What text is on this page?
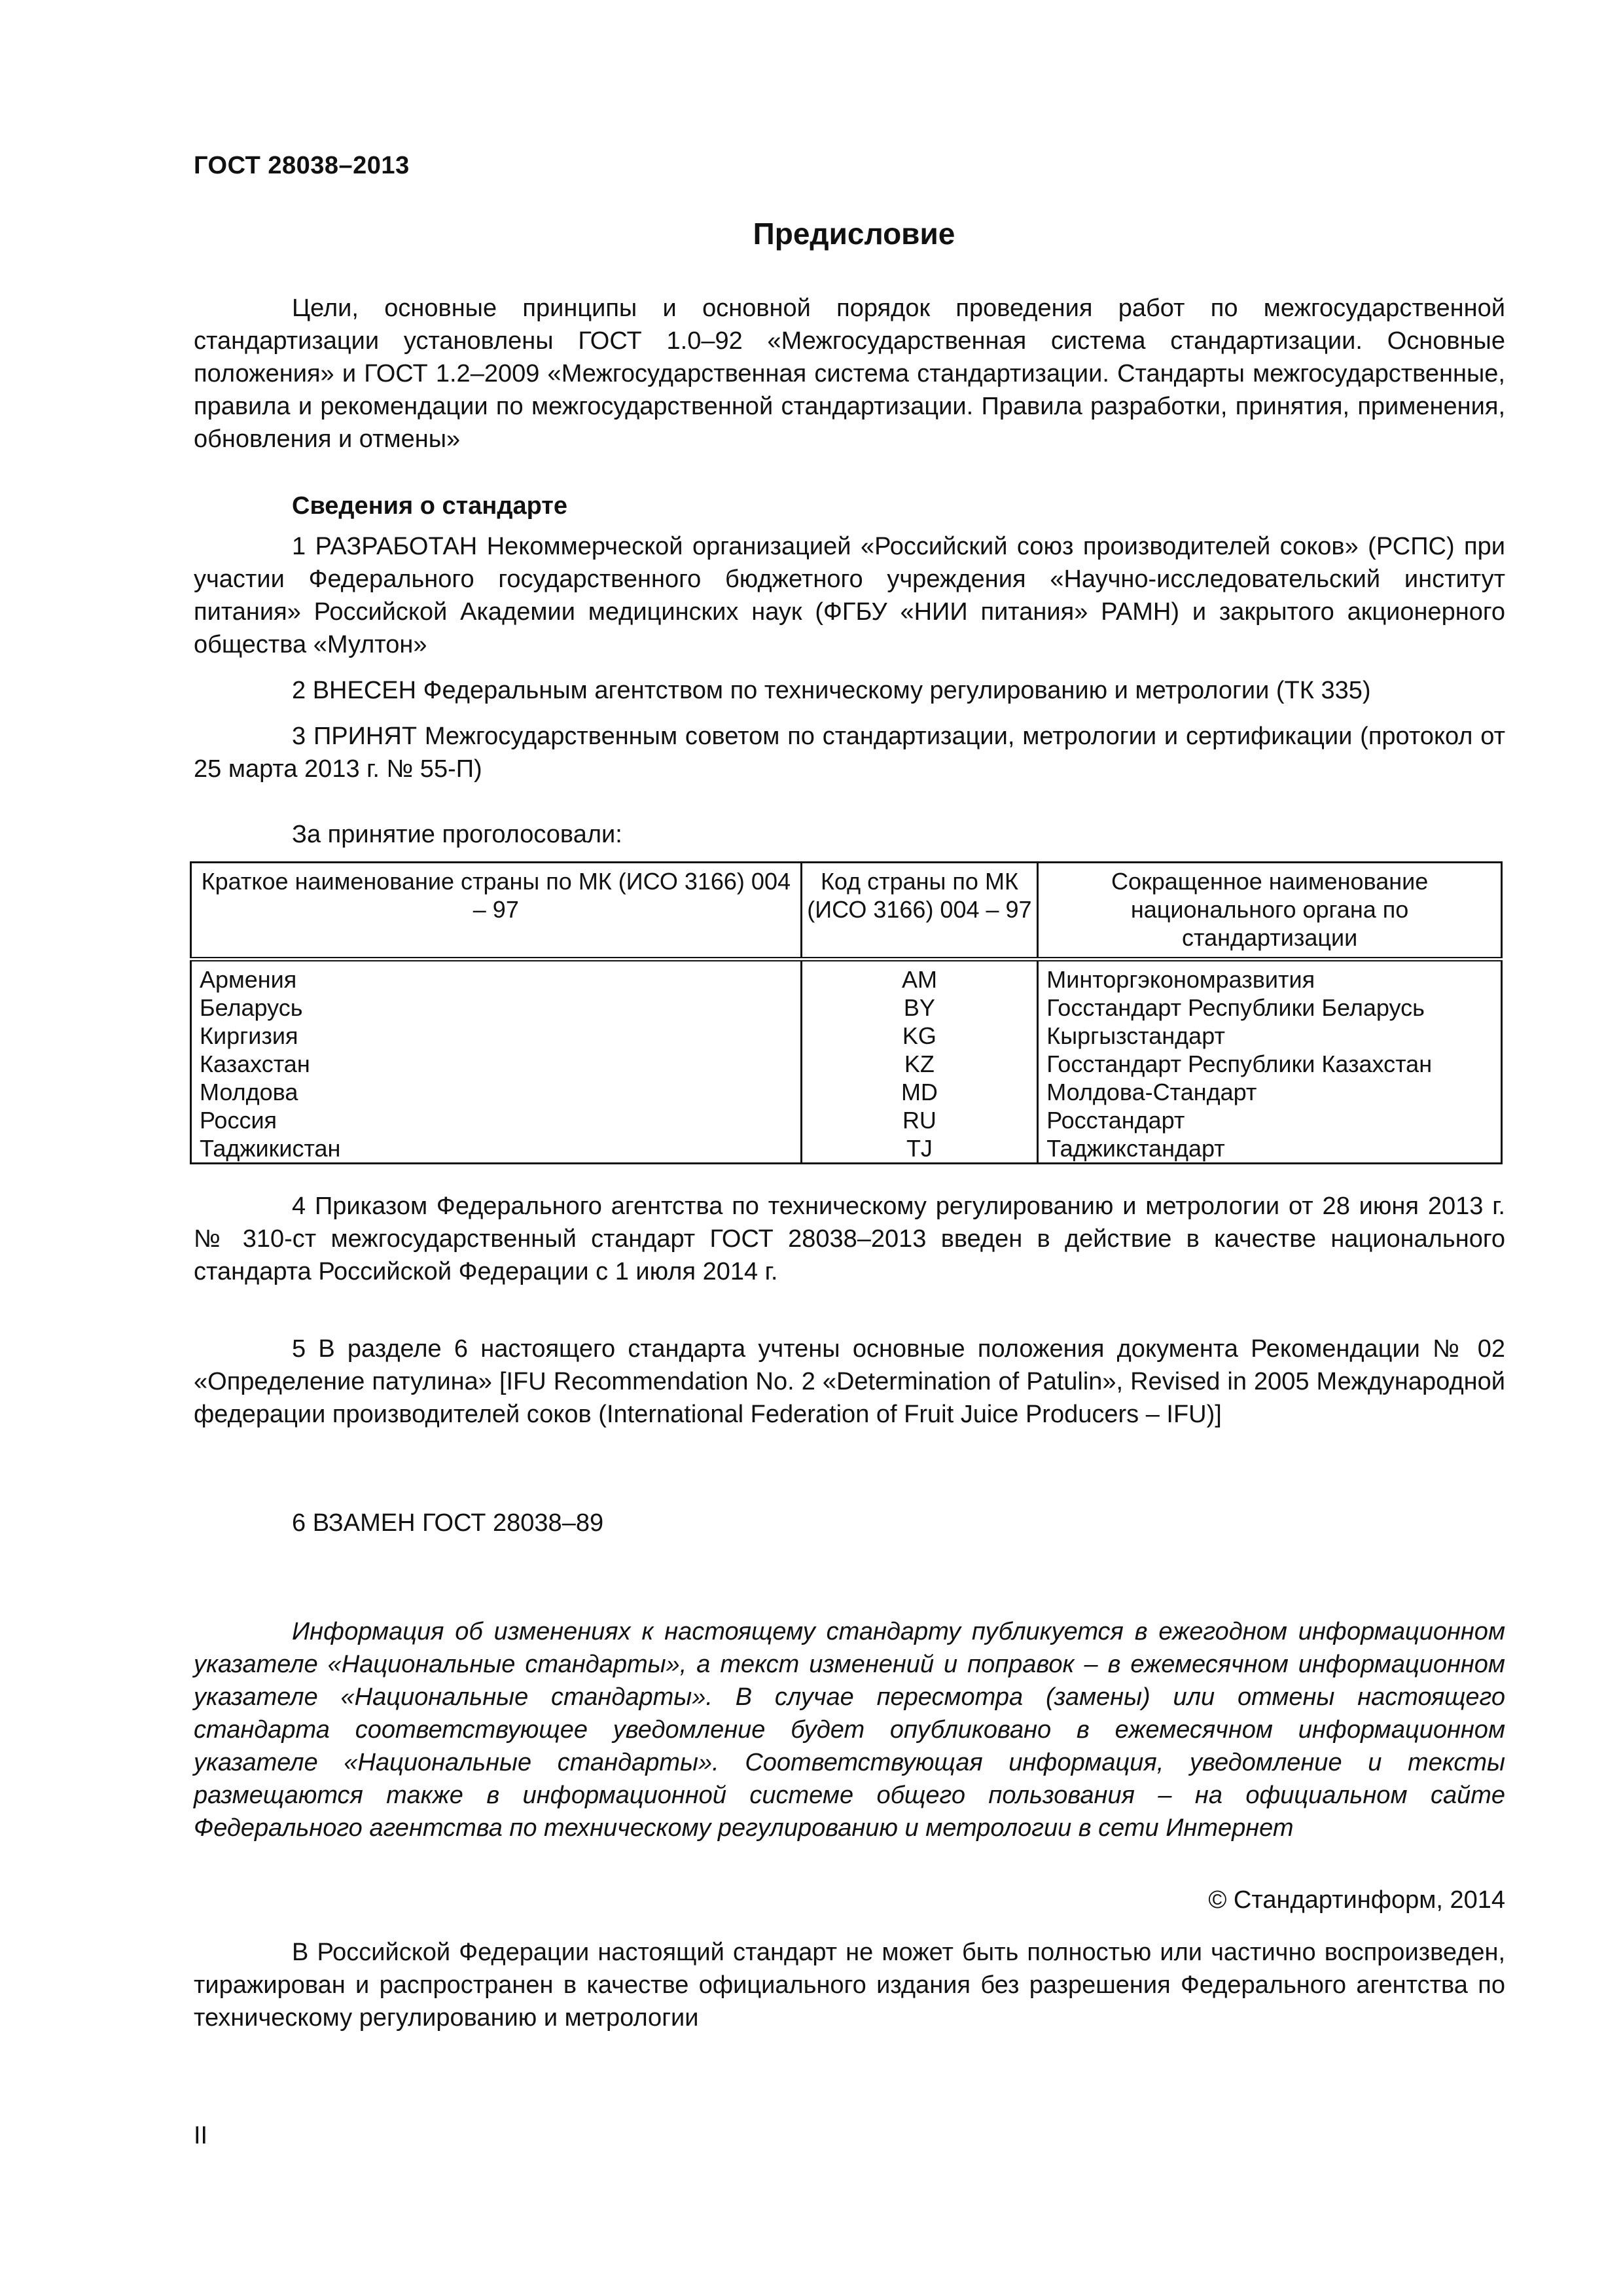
ГОСТ 28038–2013
Предисловие

Цели, основные принципы и основной порядок проведения работ по межгосударственной стандартизации установлены ГОСТ 1.0–92 «Межгосударственная система стандартизации. Основные положения» и ГОСТ 1.2–2009 «Межгосударственная система стандартизации. Стандарты межгосударственные, правила и рекомендации по межгосударственной стандартизации. Правила разработки, принятия, применения, обновления и отмены»

Сведения о стандарте

1 РАЗРАБОТАН Некоммерческой организацией «Российский союз производителей соков» (РСПС) при участии Федерального государственного бюджетного учреждения «Научно-исследовательский институт питания» Российской Академии медицинских наук (ФГБУ «НИИ питания» РАМН) и закрытого акционерного общества «Мултон»

2 ВНЕСЕН Федеральным агентством по техническому регулированию и метрологии (ТК 335)

3 ПРИНЯТ Межгосударственным советом по стандартизации, метрологии и сертификации (протокол от 25 марта 2013 г. № 55-П)

За принятие проголосовали:

Краткое наименование страны по МК (ИСО 3166) 004 – 97	Код страны по МК (ИСО 3166) 004 – 97	Сокращенное наименование национального органа по стандартизации
Армения	AM	Минторгэкономразвития
Беларусь	BY	Госстандарт Республики Беларусь
Киргизия	KG	Кыргызстандарт
Казахстан	KZ	Госстандарт Республики Казахстан
Молдова	MD	Молдова-Стандарт
Россия	RU	Росстандарт
Таджикистан	TJ	Таджикстандарт

4 Приказом Федерального агентства по техническому регулированию и метрологии от 28 июня 2013 г. № 310-ст межгосударственный стандарт ГОСТ 28038–2013 введен в действие в качестве национального стандарта Российской Федерации с 1 июля 2014 г.

5 В разделе 6 настоящего стандарта учтены основные положения документа Рекомендации № 02 «Определение патулина» [IFU Recommendation No. 2 «Determination of Patulin», Revised in 2005 Международной федерации производителей соков (International Federation of Fruit Juice Producers – IFU)]

6 ВЗАМЕН ГОСТ 28038–89

Информация об изменениях к настоящему стандарту публикуется в ежегодном информационном указателе «Национальные стандарты», а текст изменений и поправок – в ежемесячном информационном указателе «Национальные стандарты». В случае пересмотра (замены) или отмены настоящего стандарта соответствующее уведомление будет опубликовано в ежемесячном информационном указателе «Национальные стандарты». Соответствующая информация, уведомление и тексты размещаются также в информационной системе общего пользования – на официальном сайте Федерального агентства по техническому регулированию и метрологии в сети Интернет

© Стандартинформ, 2014

В Российской Федерации настоящий стандарт не может быть полностью или частично воспроизведен, тиражирован и распространен в качестве официального издания без разрешения Федерального агентства по техническому регулированию и метрологии

II
